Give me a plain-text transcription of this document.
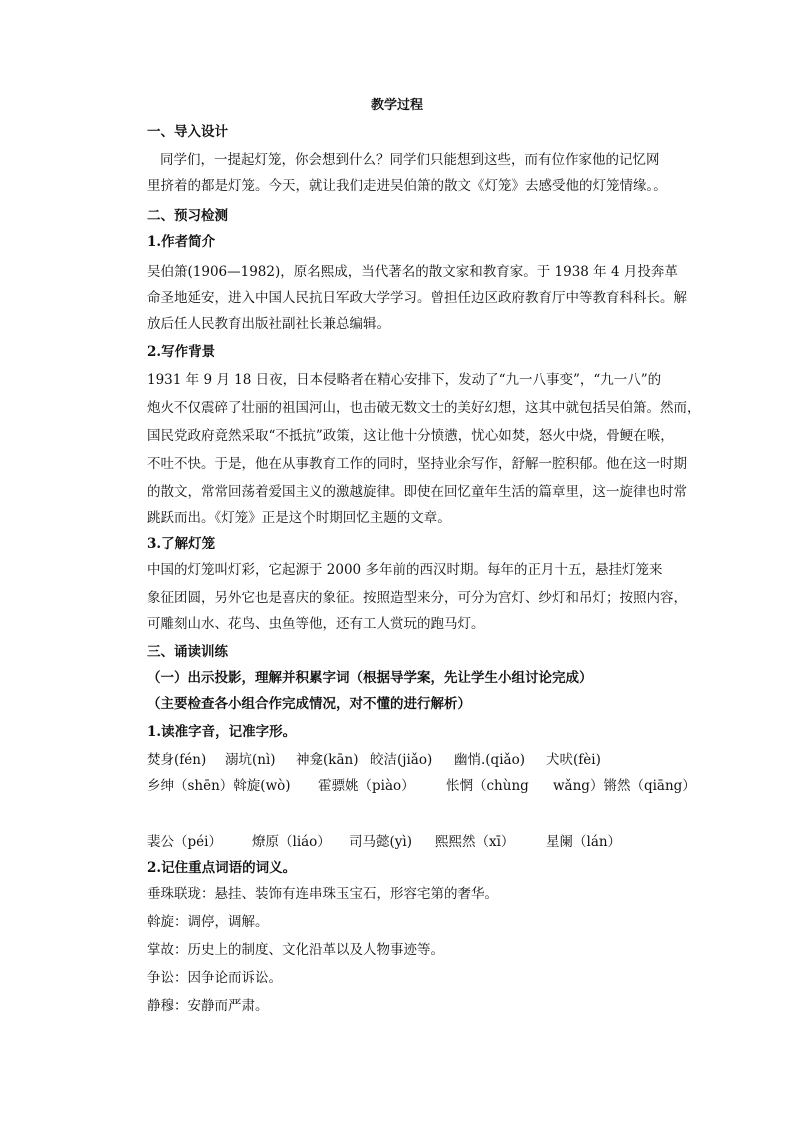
教学过程
一、导入设计
同学们，一提起灯笼，你会想到什么？同学们只能想到这些，而有位作家他的记忆网
里挤着的都是灯笼。今天，就让我们走进吴伯箫的散文《灯笼》去感受他的灯笼情缘。。
二、预习检测
1.作者简介
吴伯箫(1906—1982)，原名熙成，当代著名的散文家和教育家。于 1938 年 4 月投奔革
命圣地延安，进入中国人民抗日军政大学学习。曾担任边区政府教育厅中等教育科科长。解
放后任人民教育出版社副社长兼总编辑。
2.写作背景
1931 年 9 月 18 日夜，日本侵略者在精心安排下，发动了“九一八事变”，“九一八”的
炮火不仅震碎了壮丽的祖国河山，也击破无数文士的美好幻想，这其中就包括吴伯箫。然而，
国民党政府竟然采取“不抵抗”政策，这让他十分愤懑，忧心如焚，怒火中烧，骨鲠在喉，
不吐不快。于是，他在从事教育工作的同时，坚持业余写作，舒解一腔积郁。他在这一时期
的散文，常常回荡着爱国主义的激越旋律。即使在回忆童年生活的篇章里，这一旋律也时常
跳跃而出。《灯笼》正是这个时期回忆主题的文章。
3.了解灯笼
中国的灯笼叫灯彩，它起源于 2000 多年前的西汉时期。每年的正月十五，悬挂灯笼来
象征团圆，另外它也是喜庆的象征。按照造型来分，可分为宫灯、纱灯和吊灯；按照内容，
可雕刻山水、花鸟、虫鱼等他，还有工人赏玩的跑马灯。
三、诵读训练
（一）出示投影，理解并积累字词（根据导学案，先让学生小组讨论完成）
（主要检查各小组合作完成情况，对不懂的进行解析）
1.读准字音，记准字形。
焚身(fén) 溺坑(nì) 神龛(kān) 皎洁(jiǎo) 幽悄.(qiǎo) 犬吠(fèi)
乡绅（shēn）斡旋(wò) 霍骠姚（piào） 怅惘（chùng wǎng）锵然（qiāng）
裴公（péi） 燎原（liáo） 司马懿(yì) 熙熙然（xī） 星阑（lán）
2.记住重点词语的词义。
垂珠联珑：悬挂、装饰有连串珠玉宝石，形容宅第的奢华。
斡旋：调停，调解。
掌故：历史上的制度、文化沿革以及人物事迹等。
争讼：因争论而诉讼。
静穆：安静而严肃。
